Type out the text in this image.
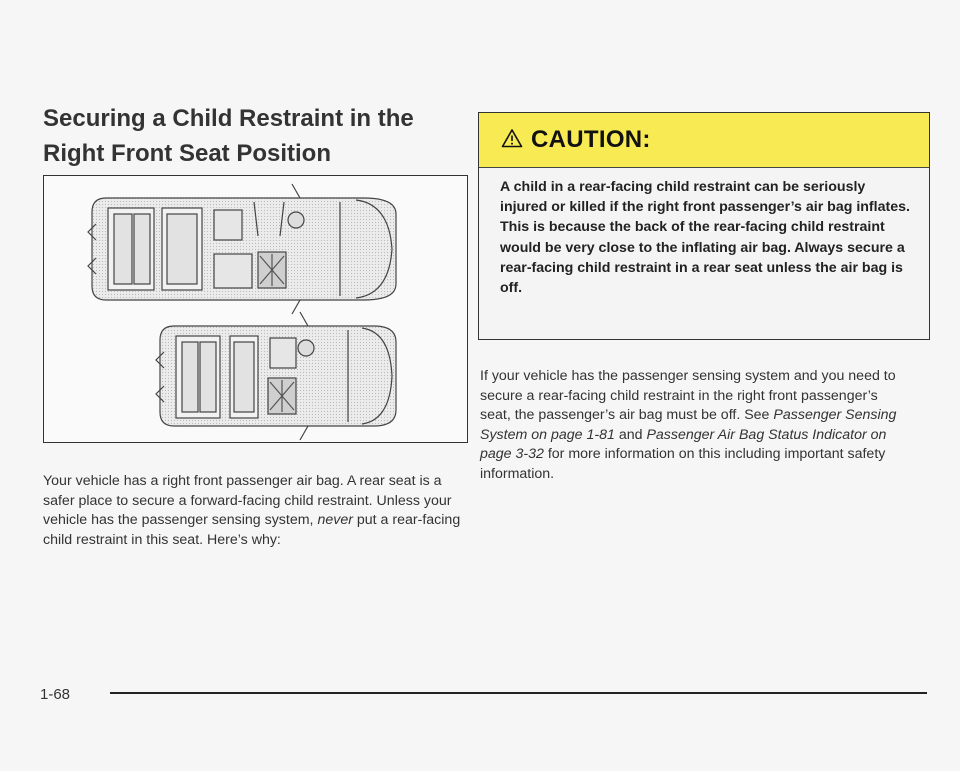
Securing a Child Restraint in the Right Front Seat Position

Your vehicle has a right front passenger air bag. A rear seat is a safer place to secure a forward-facing child restraint. Unless your vehicle has the passenger sensing system, never put a rear-facing child restraint in this seat. Here’s why:

CAUTION:

A child in a rear-facing child restraint can be seriously injured or killed if the right front passenger’s air bag inflates. This is because the back of the rear-facing child restraint would be very close to the inflating air bag. Always secure a rear-facing child restraint in a rear seat unless the air bag is off.

If your vehicle has the passenger sensing system and you need to secure a rear-facing child restraint in the right front passenger’s seat, the passenger’s air bag must be off. See Passenger Sensing System on page 1-81 and Passenger Air Bag Status Indicator on page 3-32 for more information on this including important safety information.

1-68
